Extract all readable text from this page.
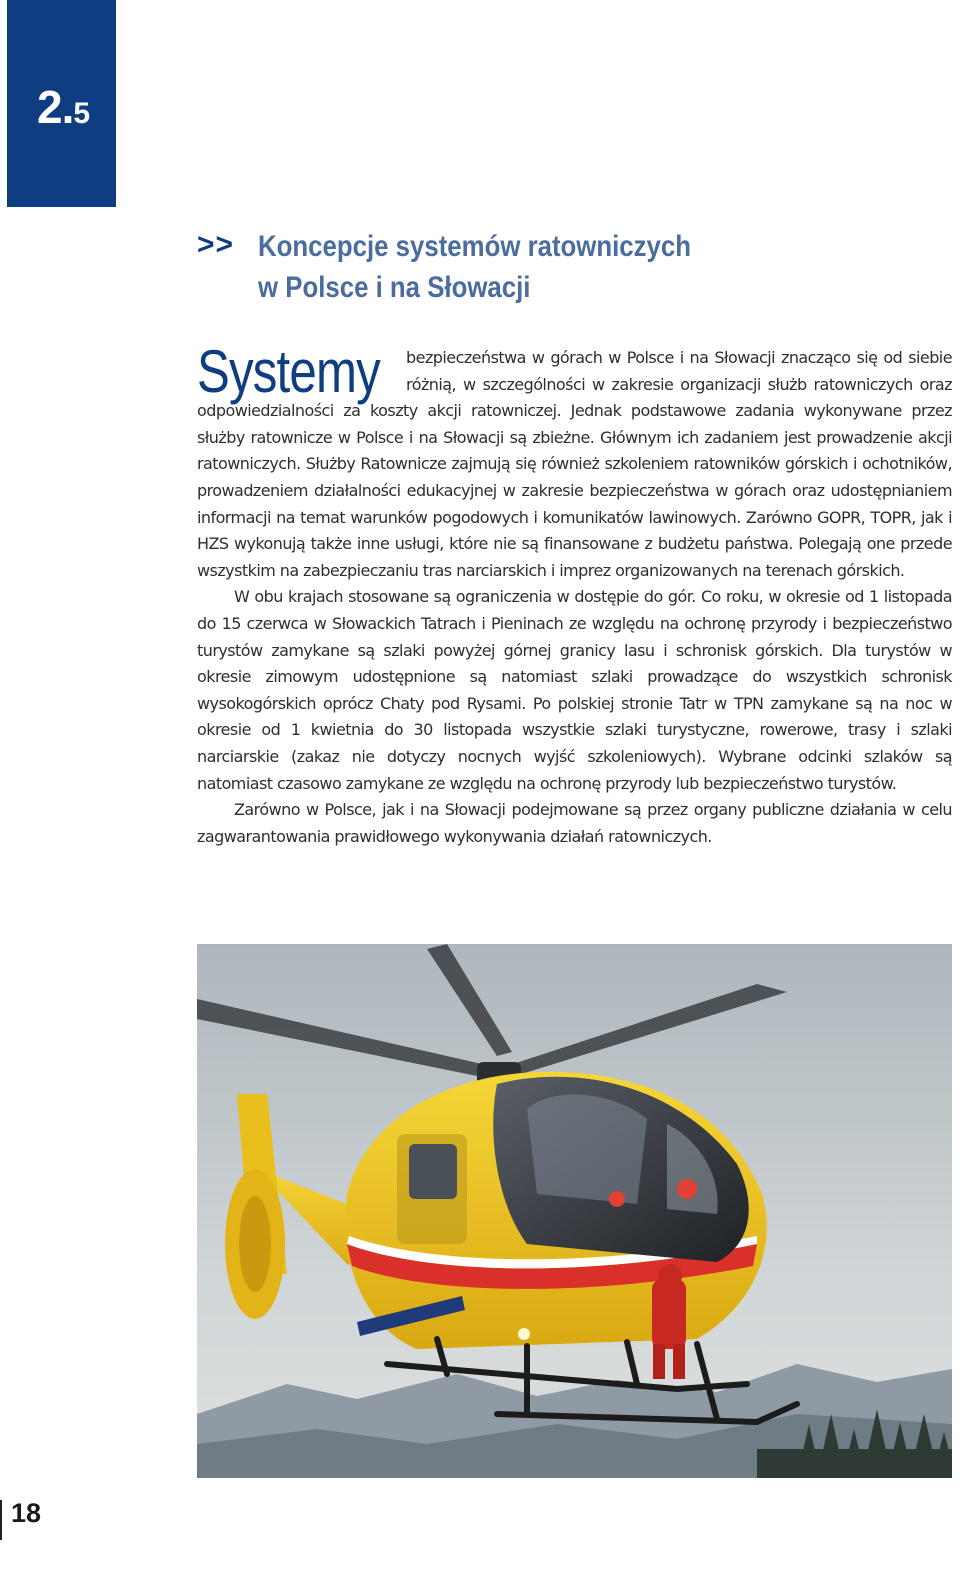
2.5
>> Koncepcje systemów ratowniczych
w Polsce i na Słowacji

Systemy bezpieczeństwa w górach w Polsce i na Słowacji znacząco się od siebie różnią, w szczególności w zakresie organizacji służb ratowniczych oraz odpowiedzialności za koszty akcji ratowniczej. Jednak podstawowe zadania wykonywane przez służby ratownicze w Polsce i na Słowacji są zbieżne. Głównym ich zadaniem jest prowadzenie akcji ratowniczych. Służby Ratownicze zajmują się również szkoleniem ratowników górskich i ochotników, prowadzeniem działalności edukacyjnej w zakresie bezpieczeństwa w górach oraz udostępnianiem informacji na temat warunków pogodowych i komunikatów lawinowych. Zarówno GOPR, TOPR, jak i HZS wykonują także inne usługi, które nie są finansowane z budżetu państwa. Polegają one przede wszystkim na zabezpieczaniu tras narciarskich i imprez organizowanych na terenach górskich.

W obu krajach stosowane są ograniczenia w dostępie do gór. Co roku, w okresie od 1 listopada do 15 czerwca w Słowackich Tatrach i Pieninach ze względu na ochronę przyrody i bezpieczeństwo turystów zamykane są szlaki powyżej górnej granicy lasu i schronisk górskich. Dla turystów w okresie zimowym udostępnione są natomiast szlaki prowadzące do wszystkich schronisk wysokogórskich oprócz Chaty pod Rysami. Po polskiej stronie Tatr w TPN zamykane są na noc w okresie od 1 kwietnia do 30 listopada wszystkie szlaki turystyczne, rowerowe, trasy i szlaki narciarskie (zakaz nie dotyczy nocnych wyjść szkoleniowych). Wybrane odcinki szlaków są natomiast czasowo zamykane ze względu na ochronę przyrody lub bezpieczeństwo turystów.

Zarówno w Polsce, jak i na Słowacji podejmowane są przez organy publiczne działania w celu zagwarantowania prawidłowego wykonywania działań ratowniczych.

18
